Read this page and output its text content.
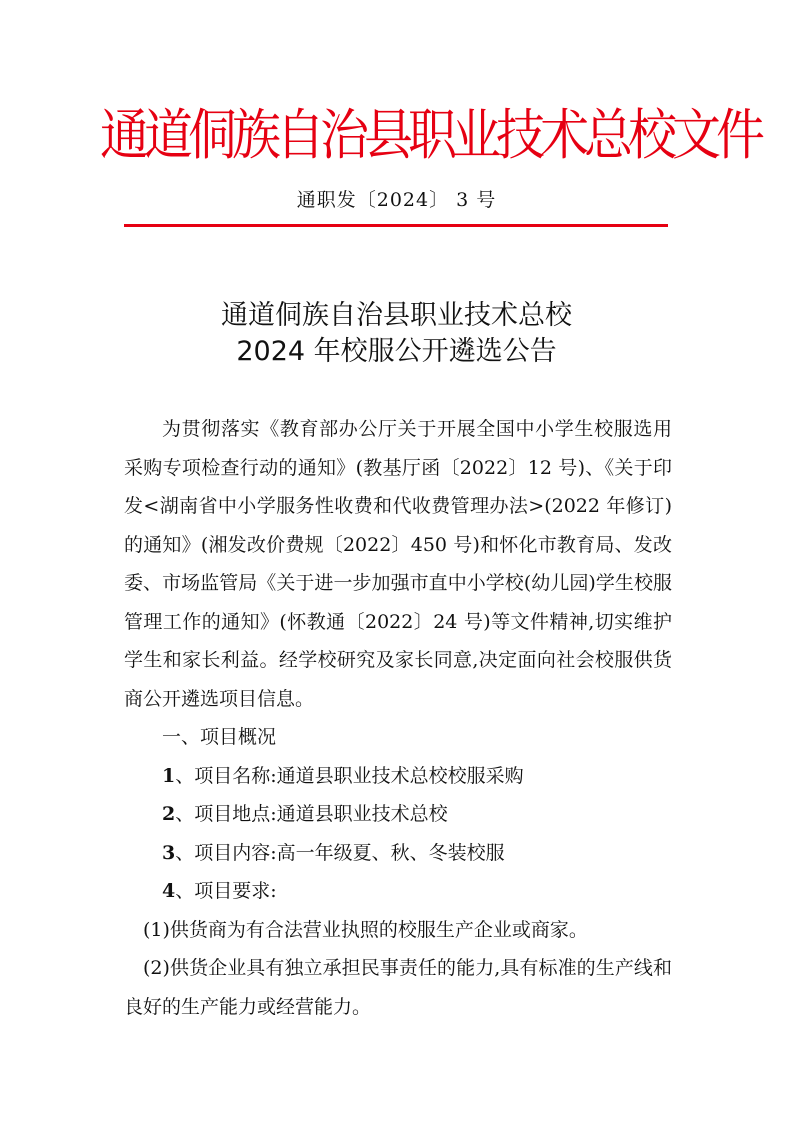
通道侗族自治县职业技术总校文件
通职发〔2024〕 3 号
通道侗族自治县职业技术总校
2024 年校服公开遴选公告

为贯彻落实《教育部办公厅关于开展全国中小学生校服选用采购专项检查行动的通知》(教基厅函〔2022〕12 号)、《关于印发<湖南省中小学服务性收费和代收费管理办法>(2022 年修订)的通知》(湘发改价费规〔2022〕450 号)和怀化市教育局、发改委、市场监管局《关于进一步加强市直中小学校(幼儿园)学生校服管理工作的通知》(怀教通〔2022〕24 号)等文件精神,切实维护学生和家长利益。经学校研究及家长同意,决定面向社会校服供货商公开遴选项目信息。

一、项目概况

1、项目名称:通道县职业技术总校校服采购

2、项目地点:通道县职业技术总校

3、项目内容:高一年级夏、秋、冬装校服

4、项目要求:

(1)供货商为有合法营业执照的校服生产企业或商家。

(2)供货企业具有独立承担民事责任的能力,具有标准的生产线和良好的生产能力或经营能力。
